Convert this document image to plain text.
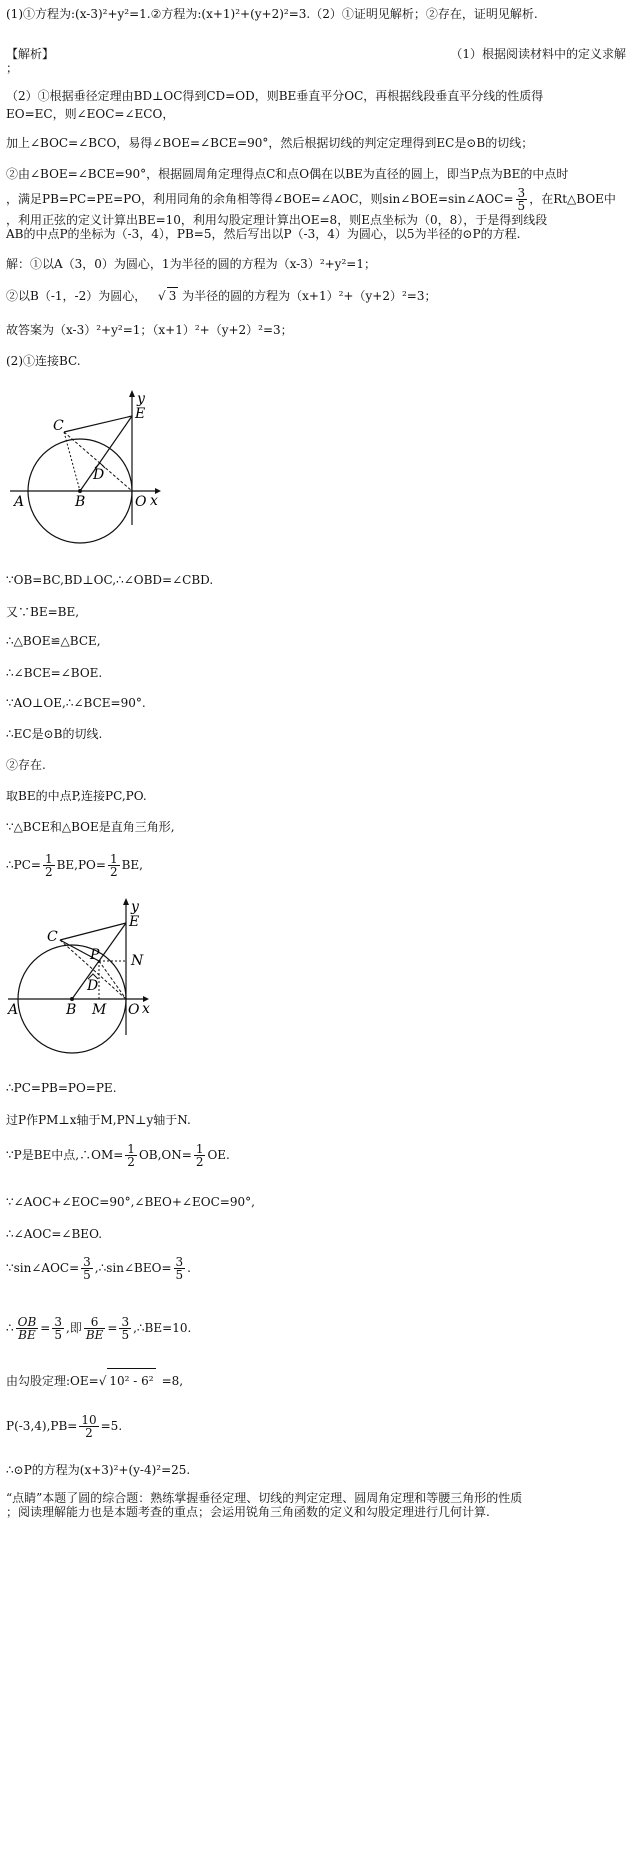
(1)①方程为:(x-3)²+y²=1.②方程为:(x+1)²+(y+2)²=3.（2）①证明见解析；②存在，证明见解析.
【解析】	（1）根据阅读材料中的定义求解
；
（2）①根据垂径定理由BD⊥OC得到CD=OD，则BE垂直平分OC，再根据线段垂直平分线的性质得
EO=EC，则∠EOC=∠ECO，
加上∠BOC=∠BCO，易得∠BOE=∠BCE=90°，然后根据切线的判定定理得到EC是⊙B的切线；
②由∠BOE=∠BCE=90°，根据圆周角定理得点C和点O偶在以BE为直径的圆上，即当P点为BE的中点时
，满足PB=PC=PE=PO，利用同角的余角相等得∠BOE=∠AOC，则sin∠BOE=sin∠AOC= $\frac{3}{5}$ ，在Rt△BOE中
，利用正弦的定义计算出BE=10，利用勾股定理计算出OE=8，则E点坐标为（0，8），于是得到线段
AB的中点P的坐标为（-3，4），PB=5，然后写出以P（-3，4）为圆心，以5为半径的⊙P的方程.
解：①以A（3，0）为圆心，1为半径的圆的方程为（x-3）²+y²=1；
②以B（-1，-2）为圆心， √ 3 为半径的圆的方程为（x+1）²+（y+2）²=3；
故答案为（x-3）²+y²=1；（x+1）²+（y+2）²=3；
(2)①连接BC.
C
E
y
D
A	B	O x
∵OB=BC,BD⊥OC,∴∠OBD=∠CBD.
又∵BE=BE,
∴△BOE≌△BCE,
∴∠BCE=∠BOE.
∵AO⊥OE,∴∠BCE=90°.
∴EC是⊙B的切线.
②存在.
取BE的中点P,连接PC,PO.
∵△BCE和△BOE是直角三角形,
∴PC= $\frac{1}{2} BE,PO= \frac{1}{2}$ BE,
C
E
y
P N
D
A	B M O x
∴PC=PB=PO=PE.
过P作PM⊥x轴于M,PN⊥y轴于N.
∵P是BE中点,∴OM= $\frac{1}{2} OB,ON= \frac{1}{2}$ OE.
∵∠AOC+∠EOC=90°,∠BEO+∠EOC=90°,
∴∠AOC=∠BEO.
∵sin∠AOC= $\frac{3}{5}$ ,∴sin∠BEO= $\frac{3}{5}$ .
∴ $\frac{OB}{BE} = \frac{3}{5}$ ,即 $\frac{6}{BE} = \frac{3}{5}$ ,∴BE=10.
由勾股定理:OE=√ 10² - 6² =8,
$P(-3,4),PB= \frac{10}{2} =5$.
∴⊙P的方程为(x+3)²+(y-4)²=25.
“点睛”本题了圆的综合题：熟练掌握垂径定理、切线的判定定理、圆周角定理和等腰三角形的性质
；阅读理解能力也是本题考查的重点；会运用锐角三角函数的定义和勾股定理进行几何计算.
